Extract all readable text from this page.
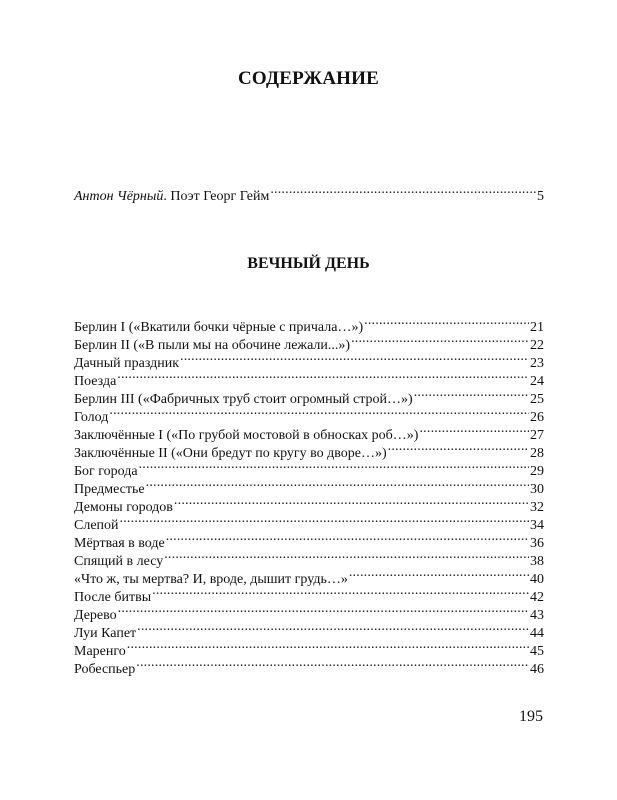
СОДЕРЖАНИЕ
Антон Чёрный. Поэт Георг Гейм .....	5
ВЕЧНЫЙ ДЕНЬ
Берлин I («Вкатили бочки чёрные с причала…») .....	21
Берлин II («В пыли мы на обочине лежали...») .....	22
Дачный праздник .....	23
Поезда .....	24
Берлин III («Фабричных труб стоит огромный строй…») .....	25
Голод .....	26
Заключённые I («По грубой мостовой в обносках роб…») .....	27
Заключённые II («Они бредут по кругу во дворе…») .....	28
Бог города .....	29
Предместье .....	30
Демоны городов .....	32
Слепой .....	34
Мёртвая в воде .....	36
Спящий в лесу .....	38
«Что ж, ты мертва? И, вроде, дышит грудь…» .....	40
После битвы .....	42
Дерево .....	43
Луи Капет .....	44
Маренго .....	45
Робеспьер .....	46
195
